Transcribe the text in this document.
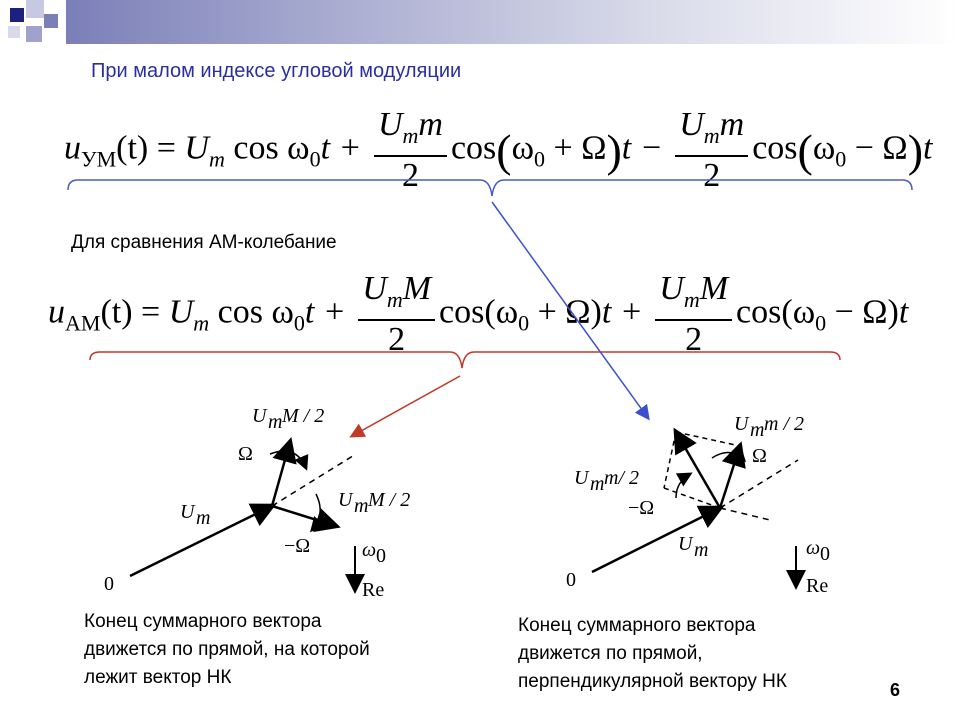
При малом индексе угловой модуляции
$u_{УМ}(t) = U_m$ $\cos \omega_0t + \frac{U_mm}{2} \cos(\omega_0 + \Omega)t - \frac{U_mm}{2} \cos(\omega_0 - \Omega)t$
Для сравнения АМ-колебание
$u_{AM}(t) = U_m$ $\cos \omega_0t + \frac{U_mM}{2} \cos(\omega_0 + \Omega)t + \frac{U_mM}{2} \cos(\omega_0 - \Omega)t$
0	Re
ω 0
U m
U m M / 2
U m M / 2
Ω
−Ω
0	Re
ω 0
U m
U m m / 2
U m m/ 2
Ω
−Ω
Конец суммарного вектора
движется по прямой, на которой
лежит вектор НК
Конец суммарного вектора
движется по прямой,
перпендикулярной вектору НК	6
